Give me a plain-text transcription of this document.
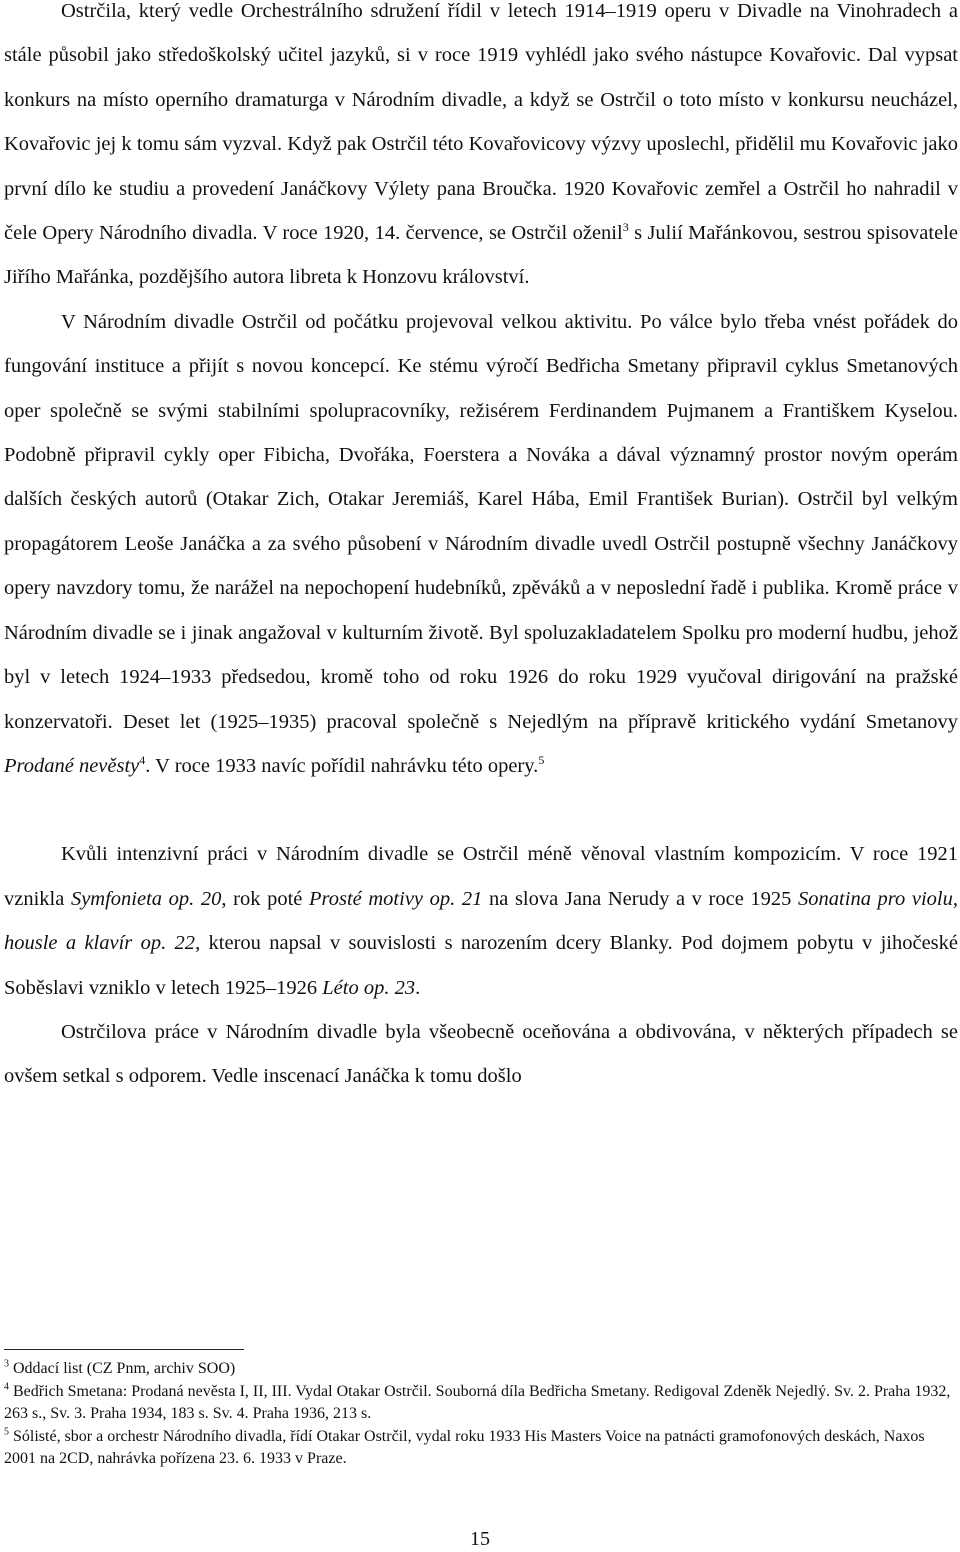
Ostrčila, který vedle Orchestrálního sdružení řídil v letech 1914–1919 operu v Divadle na Vinohradech a stále působil jako středoškolský učitel jazyků, si v roce 1919 vyhlédl jako svého nástupce Kovařovic. Dal vypsat konkurs na místo operního dramaturga v Národním divadle, a když se Ostrčil o toto místo v konkursu neucházel, Kovařovic jej k tomu sám vyzval. Když pak Ostrčil této Kovařovicovy výzvy uposlechl, přidělil mu Kovařovic jako první dílo ke studiu a provedení Janáčkovy Výlety pana Broučka. 1920 Kovařovic zemřel a Ostrčil ho nahradil v čele Opery Národního divadla. V roce 1920, 14. července, se Ostrčil oženil$^3$ s Julií Mařánkovou, sestrou spisovatele Jiřího Mařánka, pozdějšího autora libreta k Honzovu království.

V Národním divadle Ostrčil od počátku projevoval velkou aktivitu. Po válce bylo třeba vnést pořádek do fungování instituce a přijít s novou koncepcí. Ke stému výročí Bedřicha Smetany připravil cyklus Smetanových oper společně se svými stabilními spolupracovníky, režisérem Ferdinandem Pujmanem a Františkem Kyselou. Podobně připravil cykly oper Fibicha, Dvořáka, Foerstera a Nováka a dával významný prostor novým operám dalších českých autorů (Otakar Zich, Otakar Jeremiáš, Karel Hába, Emil František Burian). Ostrčil byl velkým propagátorem Leoše Janáčka a za svého působení v Národním divadle uvedl Ostrčil postupně všechny Janáčkovy opery navzdory tomu, že narážel na nepochopení hudebníků, zpěváků a v neposlední řadě i publika. Kromě práce v Národním divadle se i jinak angažoval v kulturním životě. Byl spoluzakladatelem Spolku pro moderní hudbu, jehož byl v letech 1924–1933 předsedou, kromě toho od roku 1926 do roku 1929 vyučoval dirigování na pražské konzervatoři. Deset let (1925–1935) pracoval společně s Nejedlým na přípravě kritického vydání Smetanovy Prodané nevěsty$^4$. V roce 1933 navíc pořídil nahrávku této opery.$^5$

Kvůli intenzivní práci v Národním divadle se Ostrčil méně věnoval vlastním kompozicím. V roce 1921 vznikla Symfonieta op. 20, rok poté Prosté motivy op. 21 na slova Jana Nerudy a v roce 1925 Sonatina pro violu, housle a klavír op. 22, kterou napsal v souvislosti s narozením dcery Blanky. Pod dojmem pobytu v jihočeské Soběslavi vzniklo v letech 1925–1926 Léto op. 23.

Ostrčilova práce v Národním divadle byla všeobecně oceňována a obdivována, v některých případech se ovšem setkal s odporem. Vedle inscenací Janáčka k tomu došlo

$^3$ Oddací list (CZ Pnm, archiv SOO)

$^4$ Bedřich Smetana: Prodaná nevěsta I, II, III. Vydal Otakar Ostrčil. Souborná díla Bedřicha Smetany. Redigoval Zdeněk Nejedlý. Sv. 2. Praha 1932, 263 s., Sv. 3. Praha 1934, 183 s. Sv. 4. Praha 1936, 213 s.

$^5$ Sólisté, sbor a orchestr Národního divadla, řídí Otakar Ostrčil, vydal roku 1933 His Masters Voice na patnácti gramofonových deskách, Naxos 2001 na 2CD, nahrávka pořízena 23. 6. 1933 v Praze.

15
